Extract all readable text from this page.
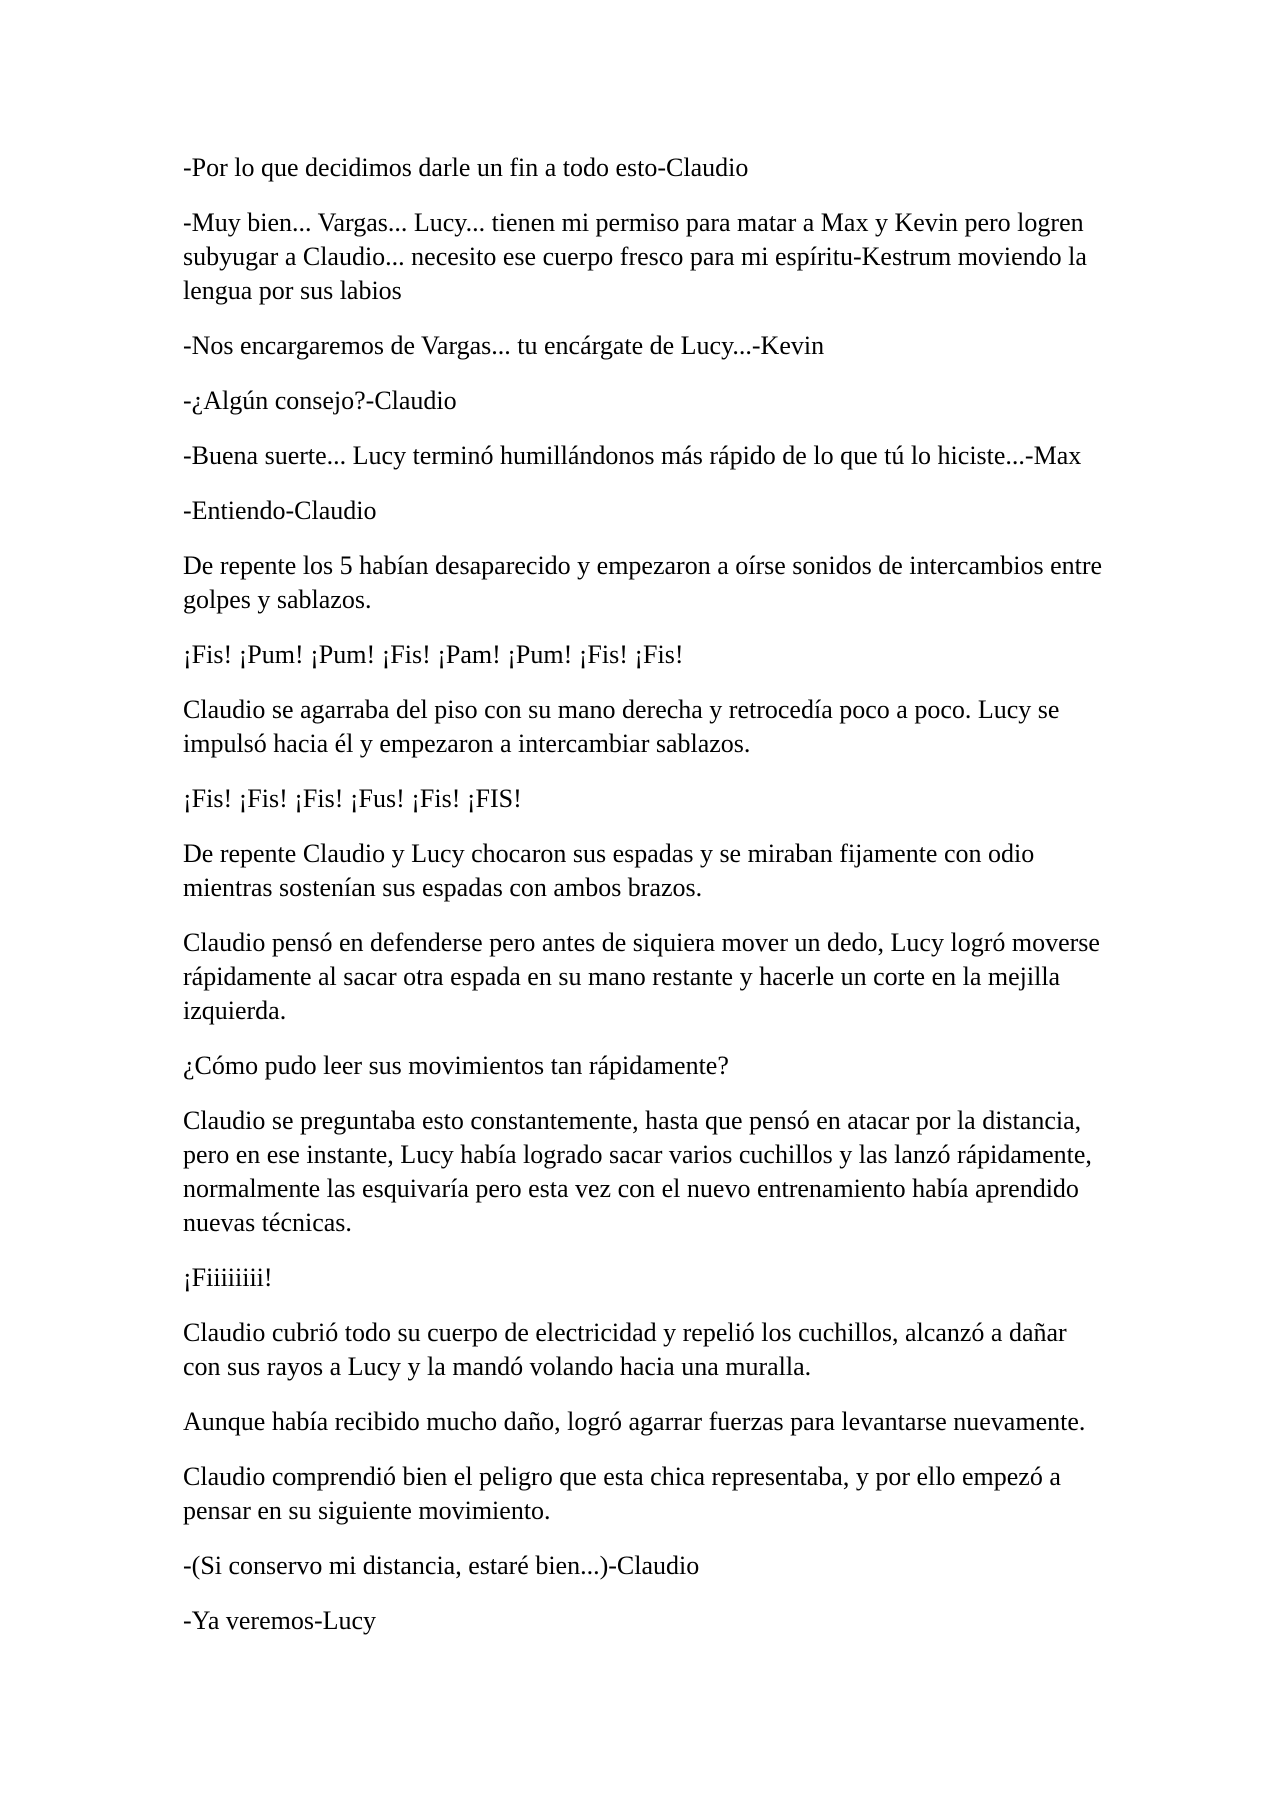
-Por lo que decidimos darle un fin a todo esto-Claudio

-Muy bien... Vargas... Lucy... tienen mi permiso para matar a Max y Kevin pero logren
subyugar a Claudio... necesito ese cuerpo fresco para mi espíritu-Kestrum moviendo la
lengua por sus labios

-Nos encargaremos de Vargas... tu encárgate de Lucy...-Kevin

-¿Algún consejo?-Claudio

-Buena suerte... Lucy terminó humillándonos más rápido de lo que tú lo hiciste...-Max

-Entiendo-Claudio

De repente los 5 habían desaparecido y empezaron a oírse sonidos de intercambios entre
golpes y sablazos.

¡Fis! ¡Pum! ¡Pum! ¡Fis! ¡Pam! ¡Pum! ¡Fis! ¡Fis!

Claudio se agarraba del piso con su mano derecha y retrocedía poco a poco. Lucy se
impulsó hacia él y empezaron a intercambiar sablazos.

¡Fis! ¡Fis! ¡Fis! ¡Fus! ¡Fis! ¡FIS!

De repente Claudio y Lucy chocaron sus espadas y se miraban fijamente con odio
mientras sostenían sus espadas con ambos brazos.

Claudio pensó en defenderse pero antes de siquiera mover un dedo, Lucy logró moverse
rápidamente al sacar otra espada en su mano restante y hacerle un corte en la mejilla
izquierda.

¿Cómo pudo leer sus movimientos tan rápidamente?

Claudio se preguntaba esto constantemente, hasta que pensó en atacar por la distancia,
pero en ese instante, Lucy había logrado sacar varios cuchillos y las lanzó rápidamente,
normalmente las esquivaría pero esta vez con el nuevo entrenamiento había aprendido
nuevas técnicas.

¡Fiiiiiiii!

Claudio cubrió todo su cuerpo de electricidad y repelió los cuchillos, alcanzó a dañar
con sus rayos a Lucy y la mandó volando hacia una muralla.

Aunque había recibido mucho daño, logró agarrar fuerzas para levantarse nuevamente.

Claudio comprendió bien el peligro que esta chica representaba, y por ello empezó a
pensar en su siguiente movimiento.

-(Si conservo mi distancia, estaré bien...)-Claudio

-Ya veremos-Lucy
